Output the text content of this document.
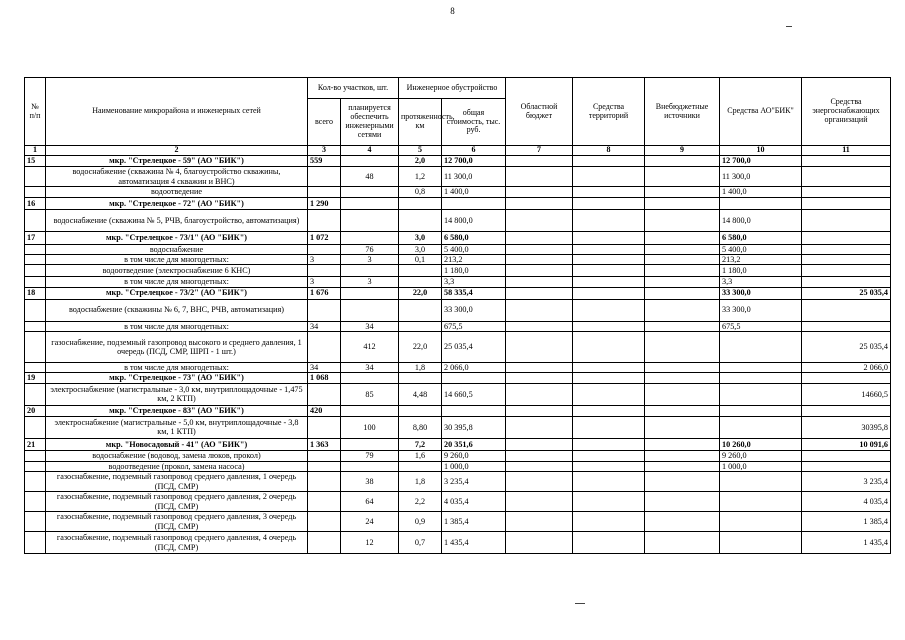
8
№ п/п	Наименование микрорайона и инженерных сетей	Кол-во участков, шт.		Инженерное обустройство		Областной бюджет	Средства территорий	Внебюджетные источники	Средства АО"БИК"	Средства энергоснабжающих организаций
		всего	планируется обеспечить инженерными сетями	протяженность, км	общая стоимость, тыс. руб.					
1	2	3	4	5	6	7	8	9	10	11
15	мкр. "Стрелецкое - 59" (АО "БИК")	559		2,0	12 700,0				12 700,0	
	водоснабжение (скважина № 4, благоустройство скважины, автоматизация 4 скважин и ВНС)		48	1,2	11 300,0				11 300,0	
	водоотведение			0,8	1 400,0				1 400,0	
16	мкр. "Стрелецкое - 72" (АО "БИК")	1 290								
	водоснабжение (скважина № 5, РЧВ, благоустройство, автоматизация)				14 800,0				14 800,0	
17	мкр. "Стрелецкое - 73/1" (АО "БИК")	1 072		3,0	6 580,0				6 580,0	
	водоснабжение		76	3,0	5 400,0				5 400,0	
	в том числе для многодетных:	3	3	0,1	213,2				213,2	
	водоотведение (электроснабжение 6 КНС)				1 180,0				1 180,0	
	в том числе для многодетных:	3	3		3,3				3,3	
18	мкр. "Стрелецкое - 73/2" (АО "БИК")	1 676		22,0	58 335,4				33 300,0	25 035,4
	водоснабжение (скважины № 6, 7, ВНС, РЧВ, автоматизация)				33 300,0				33 300,0	
	в том числе для многодетных:	34	34		675,5				675,5	
	газоснабжение, подземный газопровод высокого и среднего давления, 1 очередь (ПСД, СМР, ШРП - 1 шт.)		412	22,0	25 035,4					25 035,4
	в том числе для многодетных:	34	34	1,8	2 066,0					2 066,0
19	мкр. "Стрелецкое - 73" (АО "БИК")	1 068								
	электроснабжение (магистральные - 3,0 км, внутриплощадочные - 1,475 км, 2 КТП)		85	4,48	14 660,5					14660,5
20	мкр. "Стрелецкое - 83" (АО "БИК")	420								
	электроснабжение (магистральные - 5,0 км, внутриплощадочные - 3,8 км, 1 КТП)		100	8,80	30 395,8					30395,8
21	мкр. "Новосадовый - 41" (АО "БИК")	1 363		7,2	20 351,6				10 260,0	10 091,6
	водоснабжение (водовод, замена люков, прокол)		79	1,6	9 260,0				9 260,0	
	водоотведение (прокол, замена насоса)				1 000,0				1 000,0	
	газоснабжение, подземный газопровод среднего давления, 1 очередь (ПСД, СМР)		38	1,8	3 235,4					3 235,4
	газоснабжение, подземный газопровод среднего давления, 2 очередь (ПСД, СМР)		64	2,2	4 035,4					4 035,4
	газоснабжение, подземный газопровод среднего давления, 3 очередь (ПСД, СМР)		24	0,9	1 385,4					1 385,4
	газоснабжение, подземный газопровод среднего давления, 4 очередь (ПСД, СМР)		12	0,7	1 435,4					1 435,4
